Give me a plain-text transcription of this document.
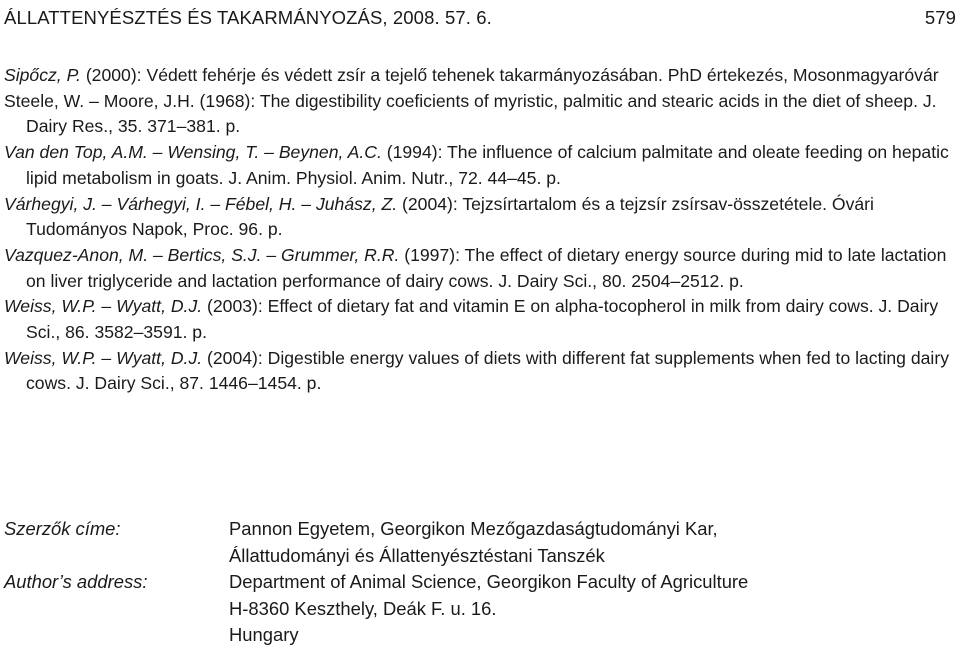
ÁLLATTENYÉSZTÉS ÉS TAKARMÁNYOZÁS, 2008. 57. 6.	579
Sipőcz, P. (2000): Védett fehérje és védett zsír a tejelő tehenek takarmányozásában. PhD értekezés, Mosonmagyaróvár
Steele, W. – Moore, J.H. (1968): The digestibility coeficients of myristic, palmitic and stearic acids in the diet of sheep. J. Dairy Res., 35. 371–381. p.
Van den Top, A.M. – Wensing, T. – Beynen, A.C. (1994): The influence of calcium palmitate and oleate feeding on hepatic lipid metabolism in goats. J. Anim. Physiol. Anim. Nutr., 72. 44–45. p.
Várhegyi, J. – Várhegyi, I. – Fébel, H. – Juhász, Z. (2004): Tejzsírtartalom és a tejzsír zsírsav-összetétele. Óvári Tudományos Napok, Proc. 96. p.
Vazquez-Anon, M. – Bertics, S.J. – Grummer, R.R. (1997): The effect of dietary energy source during mid to late lactation on liver triglyceride and lactation performance of dairy cows. J. Dairy Sci., 80. 2504–2512. p.
Weiss, W.P. – Wyatt, D.J. (2003): Effect of dietary fat and vitamin E on alpha-tocopherol in milk from dairy cows. J. Dairy Sci., 86. 3582–3591. p.
Weiss, W.P. – Wyatt, D.J. (2004): Digestible energy values of diets with different fat supplements when fed to lacting dairy cows. J. Dairy Sci., 87. 1446–1454. p.
Szerzők címe:	Pannon Egyetem, Georgikon Mezőgazdaságtudományi Kar,
Állattudományi és Állattenyésztéstani Tanszék
Author’s address:	Department of Animal Science, Georgikon Faculty of Agriculture
H-8360 Keszthely, Deák F. u. 16.
Hungary
